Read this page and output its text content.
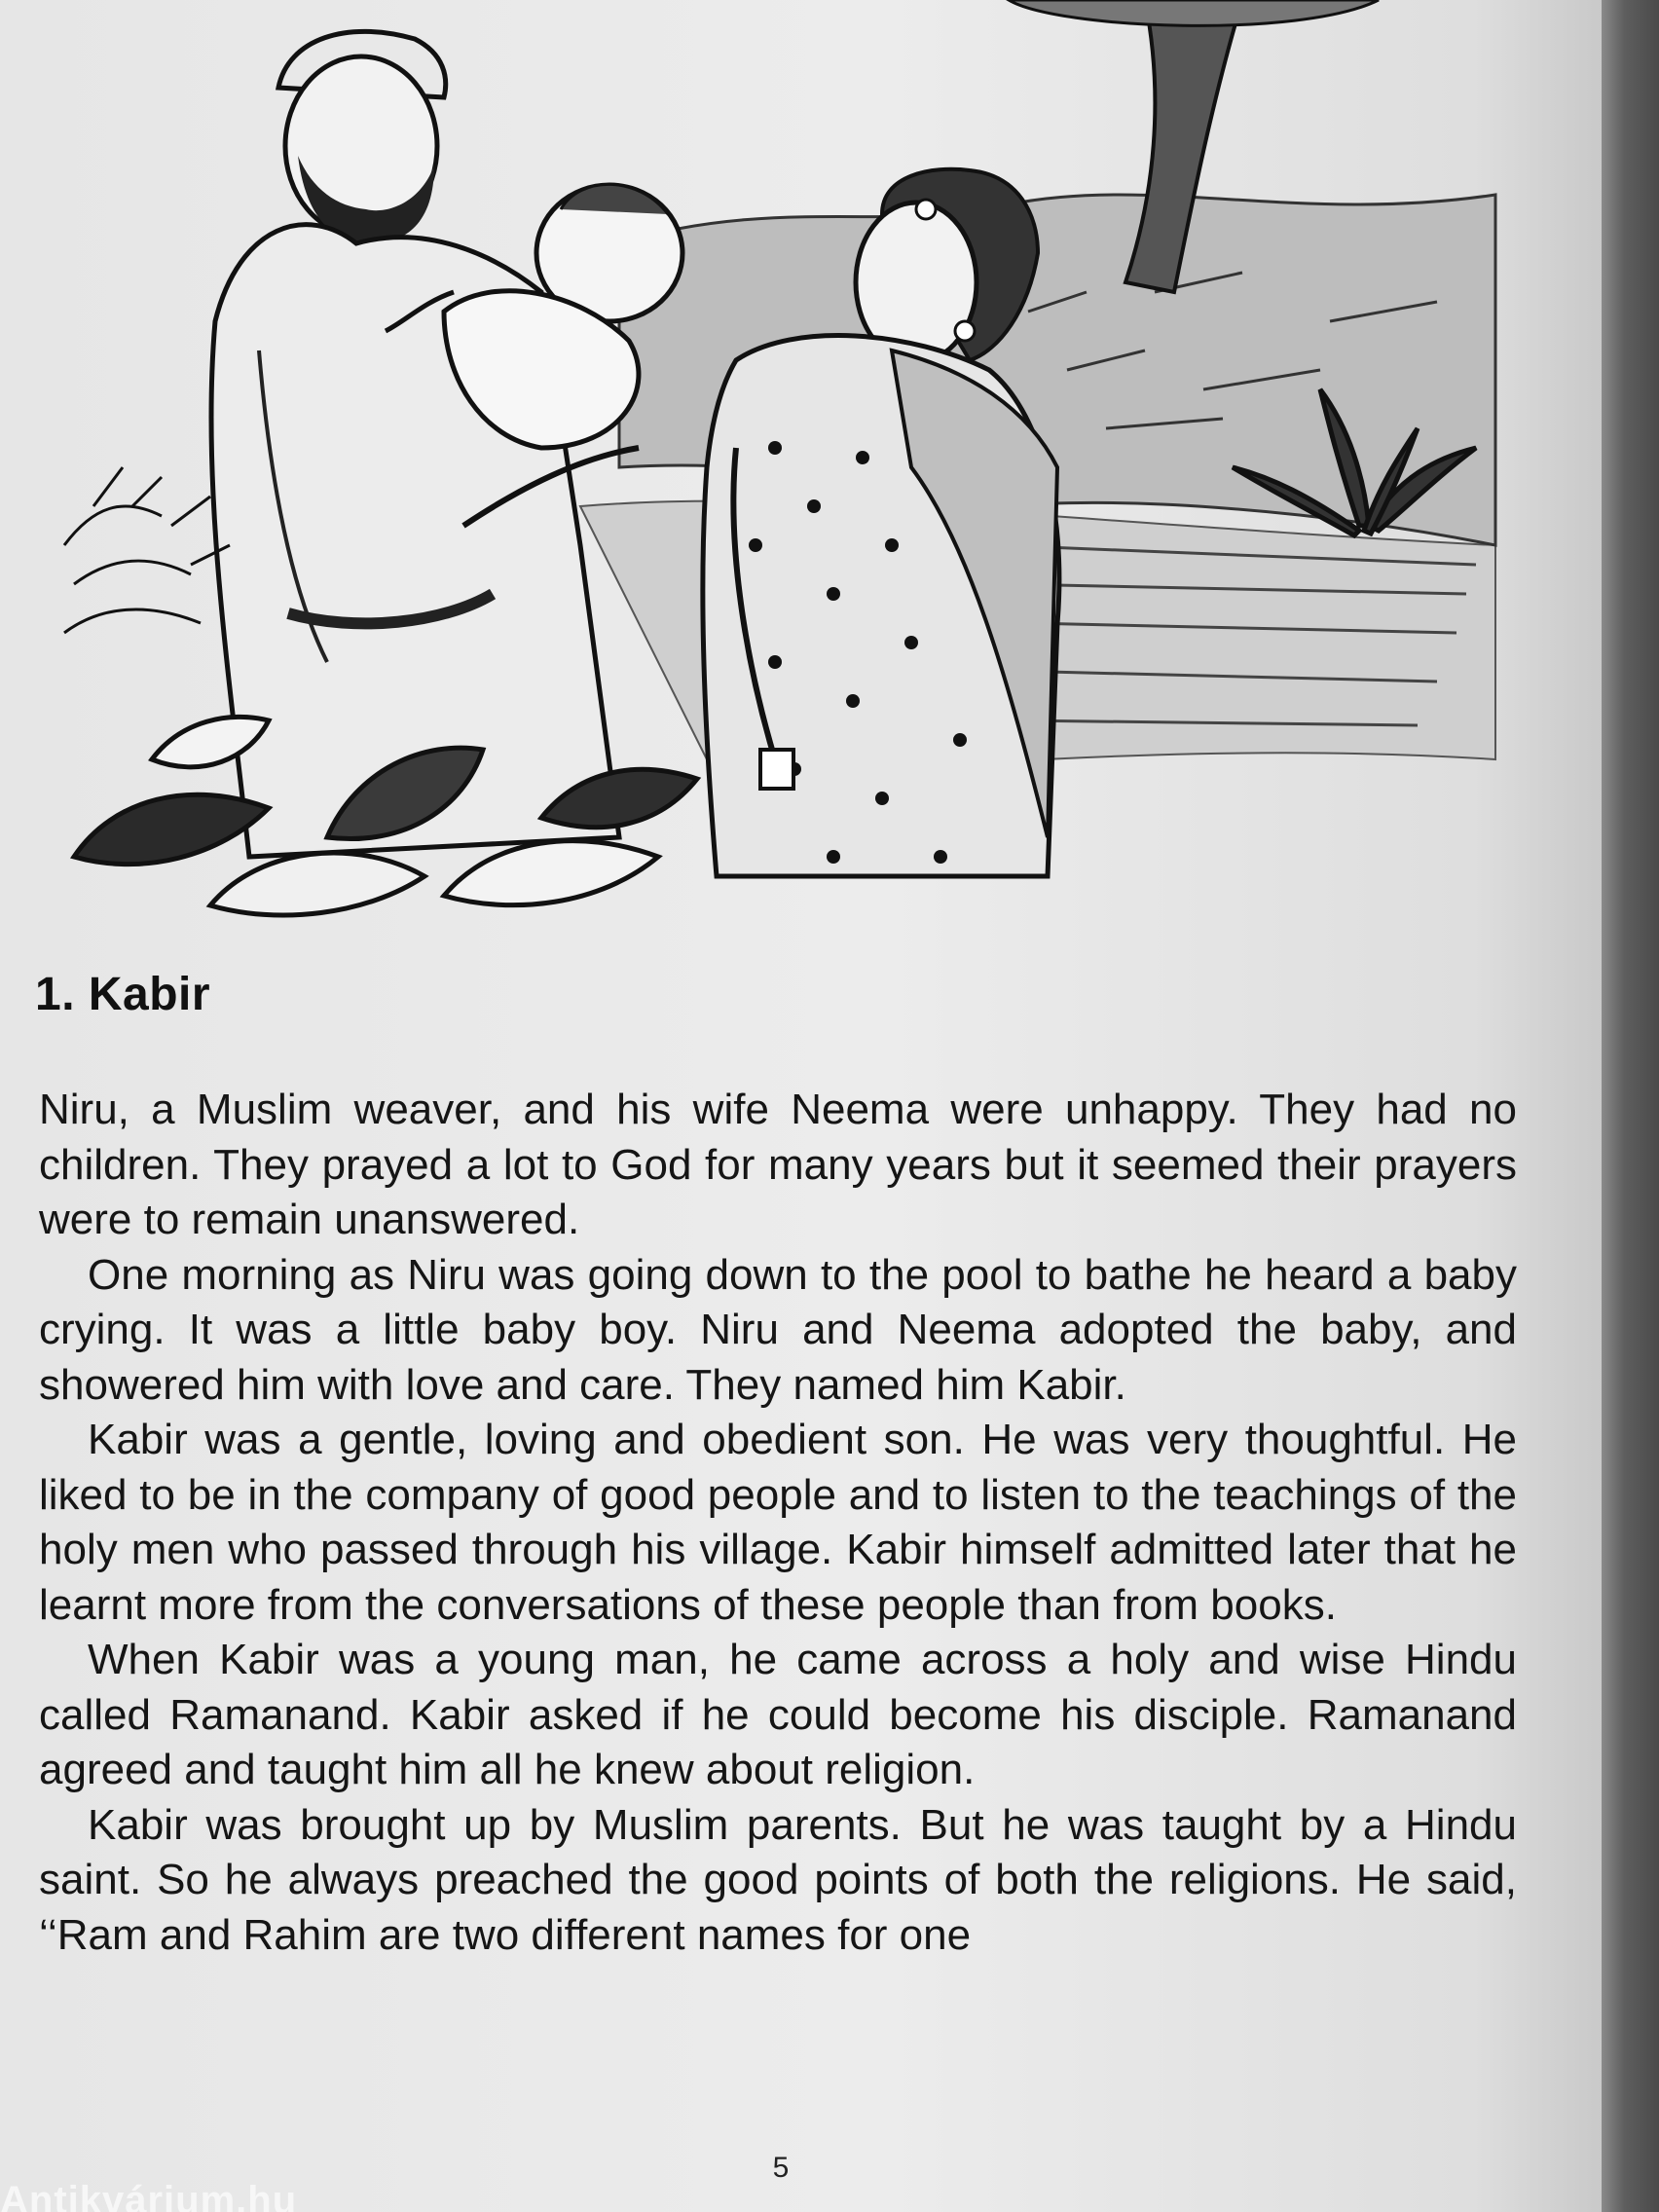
1. Kabir

Niru, a Muslim weaver, and his wife Neema were unhappy. They had no children. They prayed a lot to God for many years but it seemed their prayers were to remain unanswered.

One morning as Niru was going down to the pool to bathe he heard a baby crying. It was a little baby boy. Niru and Neema adopted the baby, and showered him with love and care. They named him Kabir.

Kabir was a gentle, loving and obedient son. He was very thoughtful. He liked to be in the company of good people and to listen to the teachings of the holy men who passed through his village. Kabir himself admitted later that he learnt more from the conversations of these people than from books.

When Kabir was a young man, he came across a holy and wise Hindu called Ramanand. Kabir asked if he could become his disciple. Ramanand agreed and taught him all he knew about religion.

Kabir was brought up by Muslim parents. But he was taught by a Hindu saint. So he always preached the good points of both the religions. He said, ‘‘Ram and Rahim are two different names for one

5
Antikvárium.hu
